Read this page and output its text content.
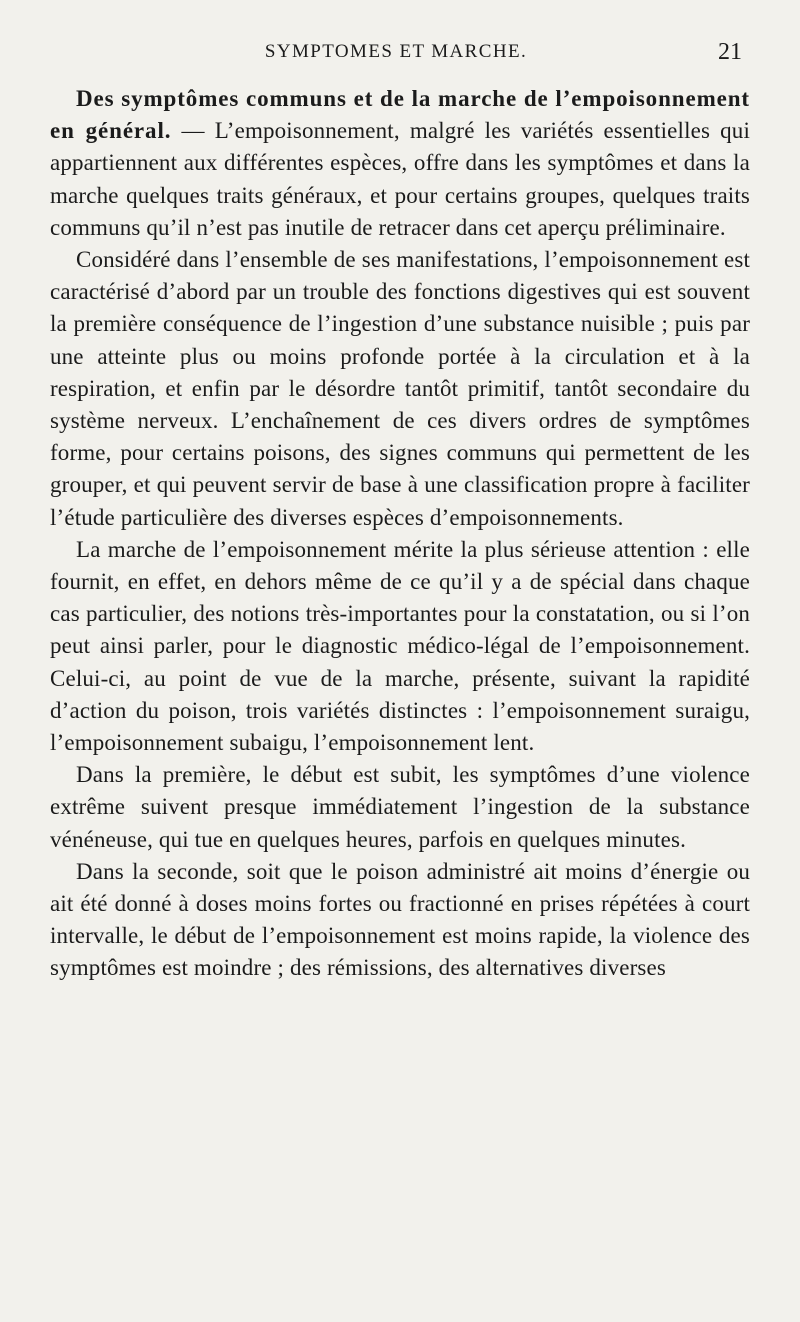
SYMPTOMES ET MARCHE.	21

Des symptômes communs et de la marche de l’empoisonnement en général. — L’empoisonnement, malgré les variétés essentielles qui appartiennent aux différentes espèces, offre dans les symptômes et dans la marche quelques traits généraux, et pour certains groupes, quelques traits communs qu’il n’est pas inutile de retracer dans cet aperçu préliminaire.

Considéré dans l’ensemble de ses manifestations, l’empoisonnement est caractérisé d’abord par un trouble des fonctions digestives qui est souvent la première conséquence de l’ingestion d’une substance nuisible ; puis par une atteinte plus ou moins profonde portée à la circulation et à la respiration, et enfin par le désordre tantôt primitif, tantôt secondaire du système nerveux. L’enchaînement de ces divers ordres de symptômes forme, pour certains poisons, des signes communs qui permettent de les grouper, et qui peuvent servir de base à une classification propre à faciliter l’étude particulière des diverses espèces d’empoisonnements.

La marche de l’empoisonnement mérite la plus sérieuse attention : elle fournit, en effet, en dehors même de ce qu’il y a de spécial dans chaque cas particulier, des notions très-importantes pour la constatation, ou si l’on peut ainsi parler, pour le diagnostic médico-légal de l’empoisonnement. Celui-ci, au point de vue de la marche, présente, suivant la rapidité d’action du poison, trois variétés distinctes : l’empoisonnement suraigu, l’empoisonnement subaigu, l’empoisonnement lent.

Dans la première, le début est subit, les symptômes d’une violence extrême suivent presque immédiatement l’ingestion de la substance vénéneuse, qui tue en quelques heures, parfois en quelques minutes.

Dans la seconde, soit que le poison administré ait moins d’énergie ou ait été donné à doses moins fortes ou fractionné en prises répétées à court intervalle, le début de l’empoisonnement est moins rapide, la violence des symptômes est moindre ; des rémissions, des alternatives diverses
